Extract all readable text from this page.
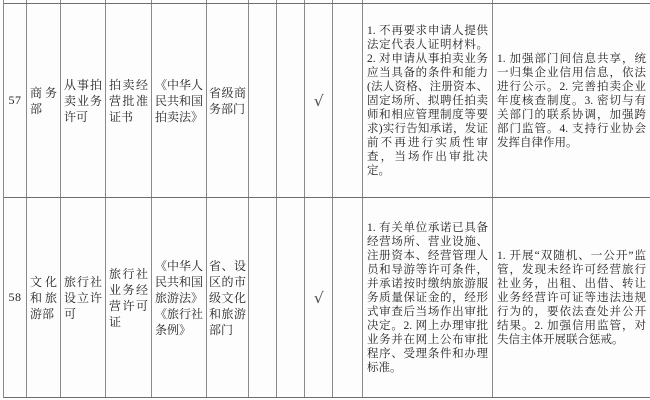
57
商务部
从事拍卖业务许可
拍卖经营批准证书
《中华人民共和国拍卖法》
省级商务部门	√
1. 不再要求申请人提供法定代表人证明材料。2. 对申请从事拍卖业务应当具备的条件和能力(法人资格、注册资本、固定场所、拟聘任拍卖师和相应管理制度等要求)实行告知承诺，发证前不再进行实质性审查，当场作出审批决定。
1. 加强部门间信息共享，统一归集企业信用信息，依法进行公示。2. 完善拍卖企业年度核查制度。3. 密切与有关部门的联系协调，加强跨部门监管。4. 支持行业协会发挥自律作用。
58
文化和旅游部
旅行社设立许可
旅行社业务经营许可证
《中华人民共和国旅游法》《旅行社条例》
省、设区的市级文化和旅游部门
√
1. 有关单位承诺已具备经营场所、营业设施、注册资本、经营管理人员和导游等许可条件，并承诺按时缴纳旅游服务质量保证金的，经形式审查后当场作出审批决定。2. 网上办理审批业务并在网上公布审批程序、受理条件和办理标准。
1. 开展“双随机、一公开”监管，发现未经许可经营旅行社业务，出租、出借、转让业务经营许可证等违法违规行为的，要依法查处并公开结果。2. 加强信用监管，对失信主体开展联合惩戒。
